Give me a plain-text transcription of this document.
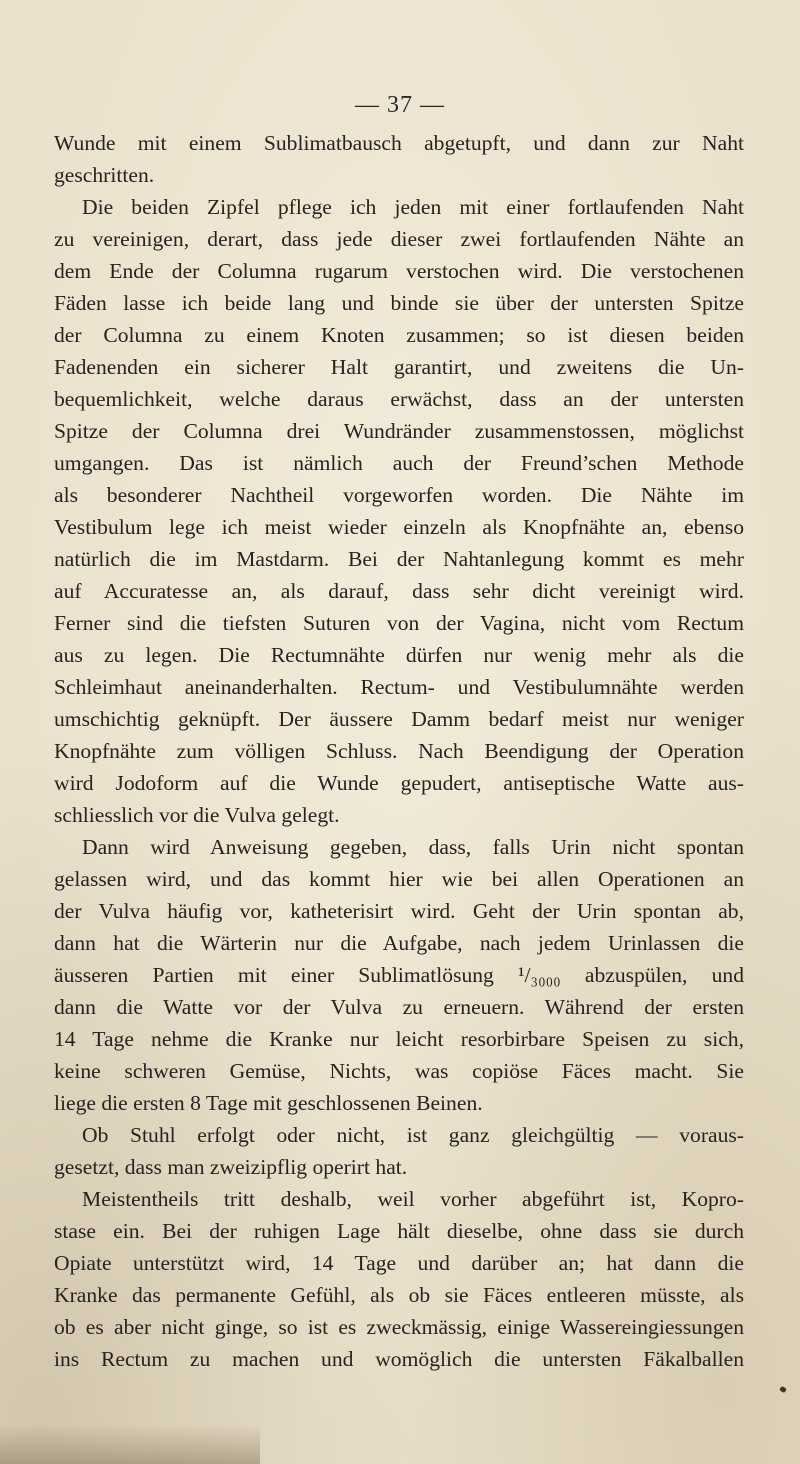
— 37 —
Wunde mit einem Sublimatbausch abgetupft, und dann zur Naht
geschritten.
Die beiden Zipfel pflege ich jeden mit einer fortlaufenden Naht
zu vereinigen, derart, dass jede dieser zwei fortlaufenden Nähte an
dem Ende der Columna rugarum verstochen wird. Die verstochenen
Fäden lasse ich beide lang und binde sie über der untersten Spitze
der Columna zu einem Knoten zusammen; so ist diesen beiden
Fadenenden ein sicherer Halt garantirt, und zweitens die Un-
bequemlichkeit, welche daraus erwächst, dass an der untersten
Spitze der Columna drei Wundränder zusammenstossen, möglichst
umgangen. Das ist nämlich auch der Freund’schen Methode
als besonderer Nachtheil vorgeworfen worden. Die Nähte im
Vestibulum lege ich meist wieder einzeln als Knopfnähte an, ebenso
natürlich die im Mastdarm. Bei der Nahtanlegung kommt es mehr
auf Accuratesse an, als darauf, dass sehr dicht vereinigt wird.
Ferner sind die tiefsten Suturen von der Vagina, nicht vom Rectum
aus zu legen. Die Rectumnähte dürfen nur wenig mehr als die
Schleimhaut aneinanderhalten. Rectum- und Vestibulumnähte werden
umschichtig geknüpft. Der äussere Damm bedarf meist nur weniger
Knopfnähte zum völligen Schluss. Nach Beendigung der Operation
wird Jodoform auf die Wunde gepudert, antiseptische Watte aus-
schliesslich vor die Vulva gelegt.
Dann wird Anweisung gegeben, dass, falls Urin nicht spontan
gelassen wird, und das kommt hier wie bei allen Operationen an
der Vulva häufig vor, katheterisirt wird. Geht der Urin spontan ab,
dann hat die Wärterin nur die Aufgabe, nach jedem Urinlassen die
äusseren Partien mit einer Sublimatlösung ¹/₃₀₀₀ abzuspülen, und
dann die Watte vor der Vulva zu erneuern. Während der ersten
14 Tage nehme die Kranke nur leicht resorbirbare Speisen zu sich,
keine schweren Gemüse, Nichts, was copiöse Fäces macht. Sie
liege die ersten 8 Tage mit geschlossenen Beinen.
Ob Stuhl erfolgt oder nicht, ist ganz gleichgültig — voraus-
gesetzt, dass man zweizipflig operirt hat.
Meistentheils tritt deshalb, weil vorher abgeführt ist, Kopro-
stase ein. Bei der ruhigen Lage hält dieselbe, ohne dass sie durch
Opiate unterstützt wird, 14 Tage und darüber an; hat dann die
Kranke das permanente Gefühl, als ob sie Fäces entleeren müsste, als
ob es aber nicht ginge, so ist es zweckmässig, einige Wassereingiessungen
ins Rectum zu machen und womöglich die untersten Fäkalballen
